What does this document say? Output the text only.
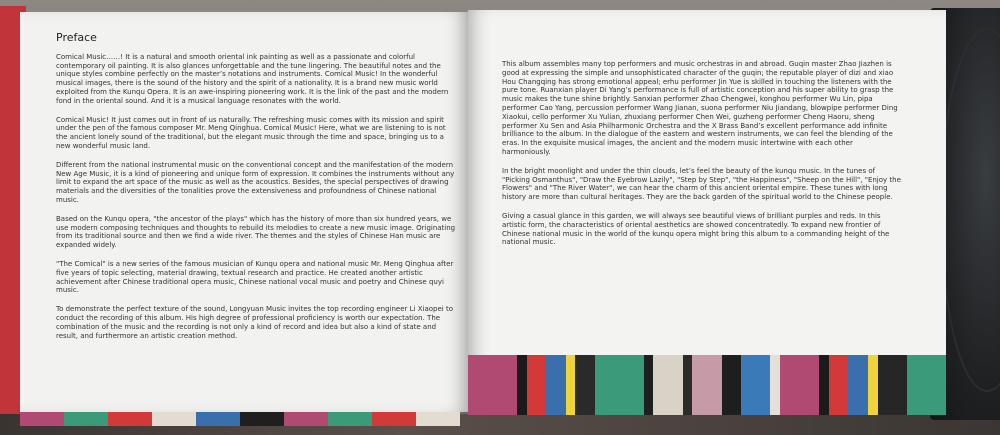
Preface

Comical Music……! It is a natural and smooth oriental ink painting as well as a passionate and colorful contemporary oil painting. It is also glances unforgettable and the tune lingering. The beautiful notes and the unique styles combine perfectly on the master’s notations and instruments. Comical Music! In the wonderful musical images, there is the sound of the history and the spirit of a nationality. It is a brand new music world exploited from the Kunqu Opera. It is an awe-inspiring pioneering work. It is the link of the past and the modern fond in the oriental sound. And it is a musical language resonates with the world.

Comical Music! It just comes out in front of us naturally. The refreshing music comes with its mission and spirit under the pen of the famous composer Mr. Meng Qinghua. Comical Music! Here, what we are listening to is not the ancient lonely sound of the traditional, but the elegant music through the time and space, bringing us to a new wonderful music land.

Different from the national instrumental music on the conventional concept and the manifestation of the modern New Age Music, it is a kind of pioneering and unique form of expression. It combines the instruments without any limit to expand the art space of the music as well as the acoustics. Besides, the special perspectives of drawing materials and the diversities of the tonalities prove the extensiveness and profoundness of Chinese national music.

Based on the Kunqu opera, "the ancestor of the plays" which has the history of more than six hundred years, we use modern composing techniques and thoughts to rebuild its melodies to create a new music image. Originating from its traditional source and then we find a wide river. The themes and the styles of Chinese Han music are expanded widely.

"The Comical" is a new series of the famous musician of Kunqu opera and national music Mr. Meng Qinghua after five years of topic selecting, material drawing, textual research and practice. He created another artistic achievement after Chinese traditional opera music, Chinese national vocal music and poetry and Chinese quyi music.

To demonstrate the perfect texture of the sound, Longyuan Music invites the top recording engineer Li Xiaopei to conduct the recording of this album. His high degree of professional proficiency is worth our expectation. The combination of the music and the recording is not only a kind of record and idea but also a kind of state and result, and furthermore an artistic creation method.

This album assembles many top performers and music orchestras in and abroad. Guqin master Zhao Jiazhen is good at expressing the simple and unsophisticated character of the guqin; the reputable player of dizi and xiao Hou Changqing has strong emotional appeal; erhu performer Jin Yue is skilled in touching the listeners with the pure tone. Ruanxian player Di Yang’s performance is full of artistic conception and his super ability to grasp the music makes the tune shine brightly. Sanxian performer Zhao Chengwei, konghou performer Wu Lin, pipa performer Cao Yang, percussion performer Wang Jianan, suona performer Niu Jiandang, blowpipe performer Ding Xiaokui, cello performer Xu Yulian, zhuxiang performer Chen Wei, guzheng performer Cheng Haoru, sheng performer Xu Sen and Asia Philharmonic Orchestra and the X Brass Band’s excellent performance add infinite brilliance to the album. In the dialogue of the eastern and western instruments, we can feel the blending of the eras. In the exquisite musical images, the ancient and the modern music intertwine with each other harmoniously.

In the bright moonlight and under the thin clouds, let’s feel the beauty of the kunqu music. In the tunes of "Picking Osmanthus", "Draw the Eyebrow Lazily", "Step by Step", "the Happiness", "Sheep on the Hill", "Enjoy the Flowers" and "The River Water", we can hear the charm of this ancient oriental empire. These tunes with long history are more than cultural heritages. They are the back garden of the spiritual world to the Chinese people.

Giving a casual glance in this garden, we will always see beautiful views of brilliant purples and reds. In this artistic form, the characteristics of oriental aesthetics are showed concentratedly. To expand new frontier of Chinese national music in the world of the kunqu opera might bring this album to a commanding height of the national music.
